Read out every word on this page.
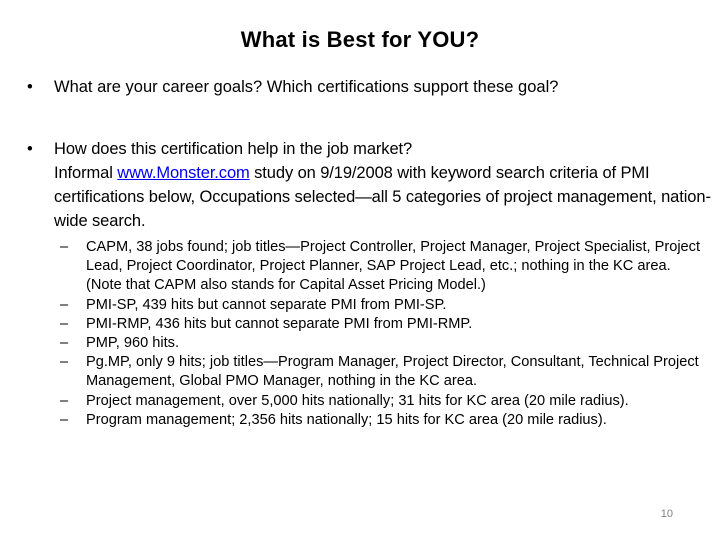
What is Best for YOU?
•	What are your career goals? Which certifications support these goal?
•	How does this certification help in the job market?
Informal www.Monster.com study on 9/19/2008 with keyword search criteria of PMI certifications below, Occupations selected—all 5 categories of project management, nation-wide search.
–	CAPM, 38 jobs found; job titles—Project Controller, Project Manager, Project Specialist, Project Lead, Project Coordinator, Project Planner, SAP Project Lead, etc.; nothing in the KC area. (Note that CAPM also stands for Capital Asset Pricing Model.)
–	PMI-SP, 439 hits but cannot separate PMI from PMI-SP.
–	PMI-RMP, 436 hits but cannot separate PMI from PMI-RMP.
–	PMP, 960 hits.
–	Pg.MP, only 9 hits; job titles—Program Manager, Project Director, Consultant, Technical Project Management, Global PMO Manager, nothing in the KC area.
–	Project management, over 5,000 hits nationally; 31 hits for KC area (20 mile radius).
–	Program management; 2,356 hits nationally; 15 hits for KC area (20 mile radius).
10
